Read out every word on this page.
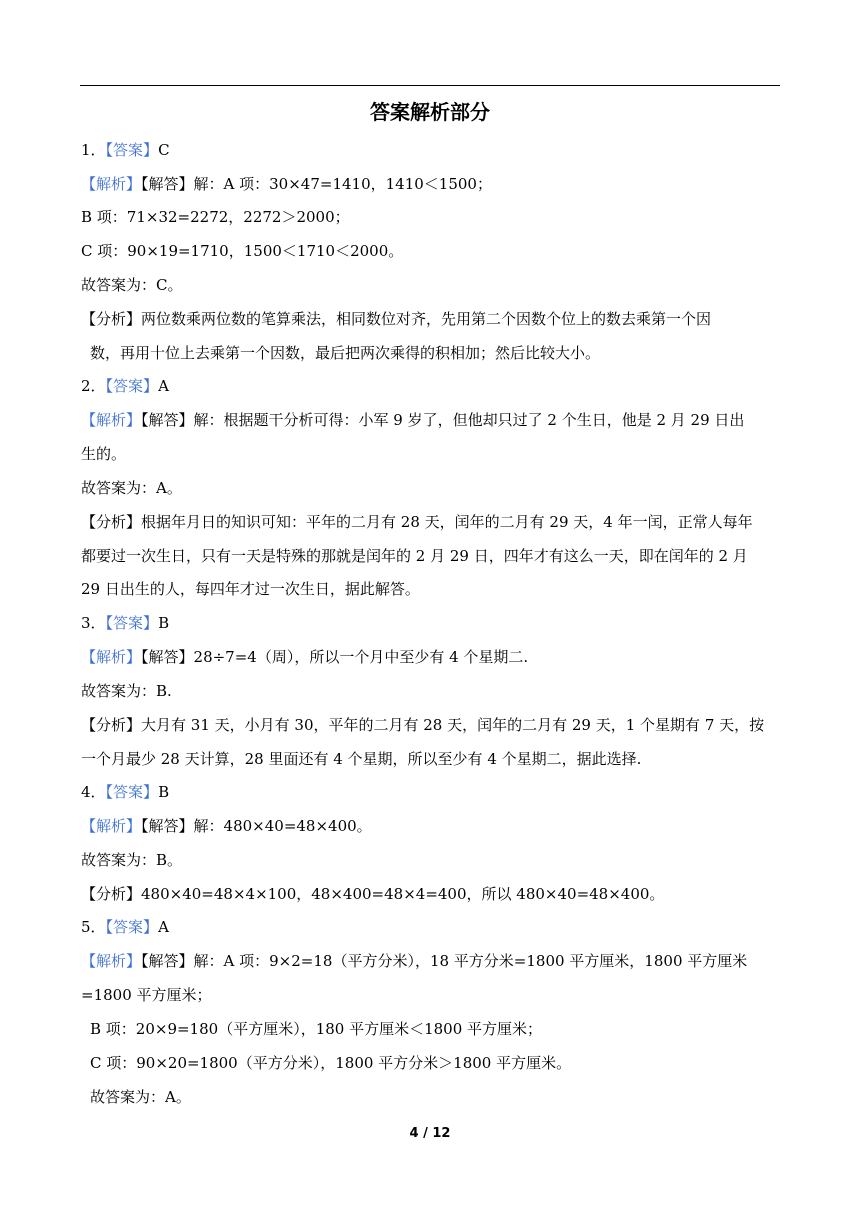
答案解析部分
1．【答案】C
【解析】【解答】解：A 项：30×47=1410，1410＜1500；
B 项：71×32=2272，2272＞2000；
C 项：90×19=1710，1500＜1710＜2000。
故答案为：C。
【分析】两位数乘两位数的笔算乘法，相同数位对齐，先用第二个因数个位上的数去乘第一个因
数，再用十位上去乘第一个因数，最后把两次乘得的积相加；然后比较大小。
2．【答案】A
【解析】【解答】解：根据题干分析可得：小军 9 岁了，但他却只过了 2 个生日，他是 2 月 29 日出
生的。
故答案为：A。
【分析】根据年月日的知识可知：平年的二月有 28 天，闰年的二月有 29 天，4 年一闰，正常人每年
都要过一次生日，只有一天是特殊的那就是闰年的 2 月 29 日，四年才有这么一天，即在闰年的 2 月
29 日出生的人，每四年才过一次生日，据此解答。
3．【答案】B
【解析】【解答】28÷7=4（周），所以一个月中至少有 4 个星期二.
故答案为：B.
【分析】大月有 31 天，小月有 30，平年的二月有 28 天，闰年的二月有 29 天，1 个星期有 7 天，按
一个月最少 28 天计算，28 里面还有 4 个星期，所以至少有 4 个星期二，据此选择.
4．【答案】B
【解析】【解答】解：480×40=48×400。
故答案为：B。
【分析】480×40=48×4×100，48×400=48×4=400，所以 480×40=48×400。
5．【答案】A
【解析】【解答】解：A 项：9×2=18（平方分米），18 平方分米=1800 平方厘米，1800 平方厘米
=1800 平方厘米；
B 项：20×9=180（平方厘米），180 平方厘米＜1800 平方厘米；
C 项：90×20=1800（平方分米），1800 平方分米＞1800 平方厘米。
故答案为：A。
4 / 12
